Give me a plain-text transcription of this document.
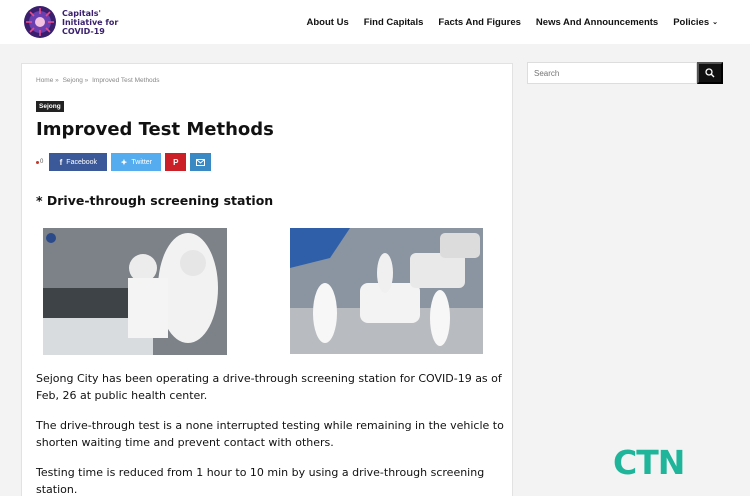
Capitals'
Initiative for
COVID-19
About Us Find Capitals Facts And Figures News And Announcements Policies ⌄
Home » Sejong » Improved Test Methods
Sejong
Improved Test Methods
0 f Facebook	✦ Twitter	P
* Drive-through screening station

Sejong City has been operating a drive-through screening station for COVID-19 as of Feb, 26 at public health center.

The drive-through test is a none interrupted testing while remaining in the vehicle to shorten waiting time and prevent contact with others.

Testing time is reduced from 1 hour to 10 min by using a drive-through screening station.

Search
CTN
